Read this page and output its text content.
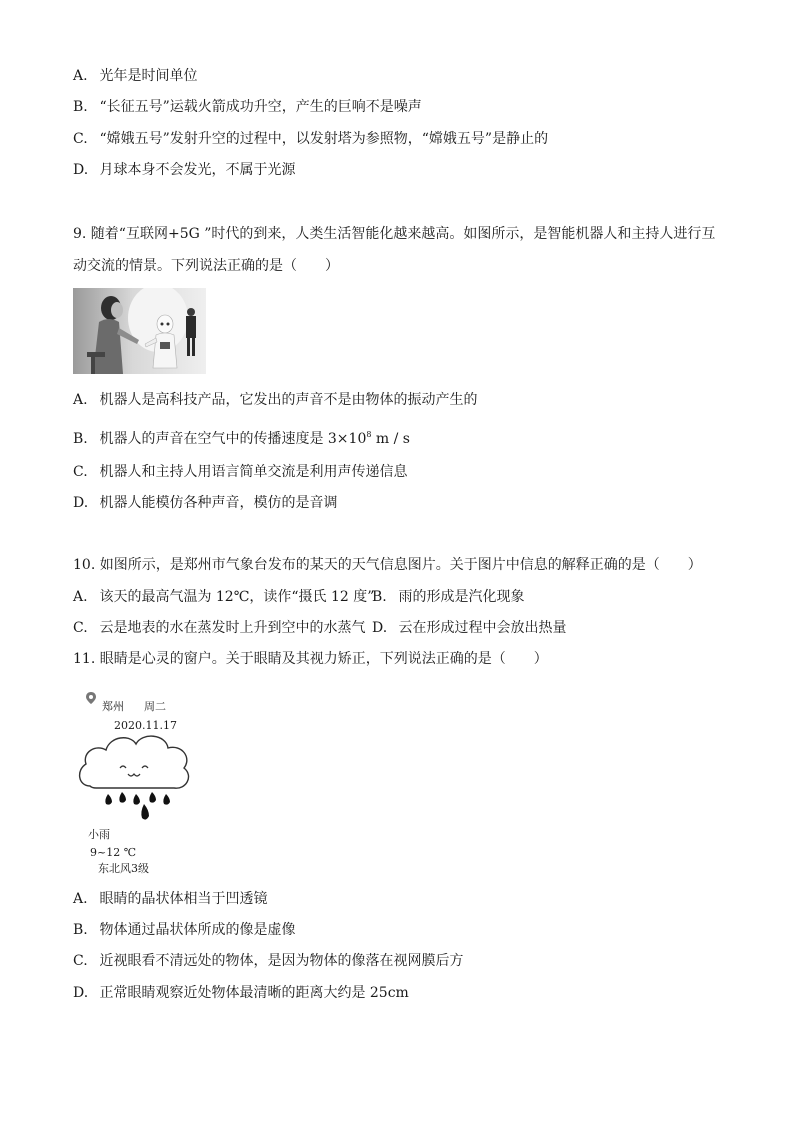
A. 光年是时间单位
B. “长征五号”运载火箭成功升空，产生的巨响不是噪声
C. “嫦娥五号”发射升空的过程中，以发射塔为参照物，“嫦娥五号”是静止的
D. 月球本身不会发光，不属于光源
9. 随着“互联网+5G ”时代的到来，人类生活智能化越来越高。如图所示，是智能机器人和主持人进行互
动交流的情景。下列说法正确的是（　　）
A. 机器人是高科技产品，它发出的声音不是由物体的振动产生的
B. 机器人的声音在空气中的传播速度是 $3\times 10^8$ m / s
C. 机器人和主持人用语言简单交流是利用声传递信息
D. 机器人能模仿各种声音，模仿的是音调
10. 如图所示，是郑州市气象台发布的某天的天气信息图片。关于图片中信息的解释正确的是（　　）
A. 该天的最高气温为 12℃，读作“摄氏 12 度”
B. 雨的形成是汽化现象
C. 云是地表的水在蒸发时上升到空中的水蒸气 D. 云在形成过程中会放出热量
11. 眼睛是心灵的窗户。关于眼睛及其视力矫正，下列说法正确的是（　　）
郑州 周二
2020.11.17
小雨
9~12 ℃
东北风3级
A. 眼睛的晶状体相当于凹透镜
B. 物体通过晶状体所成的像是虚像
C. 近视眼看不清远处的物体，是因为物体的像落在视网膜后方
D. 正常眼睛观察近处物体最清晰的距离大约是 25cm
